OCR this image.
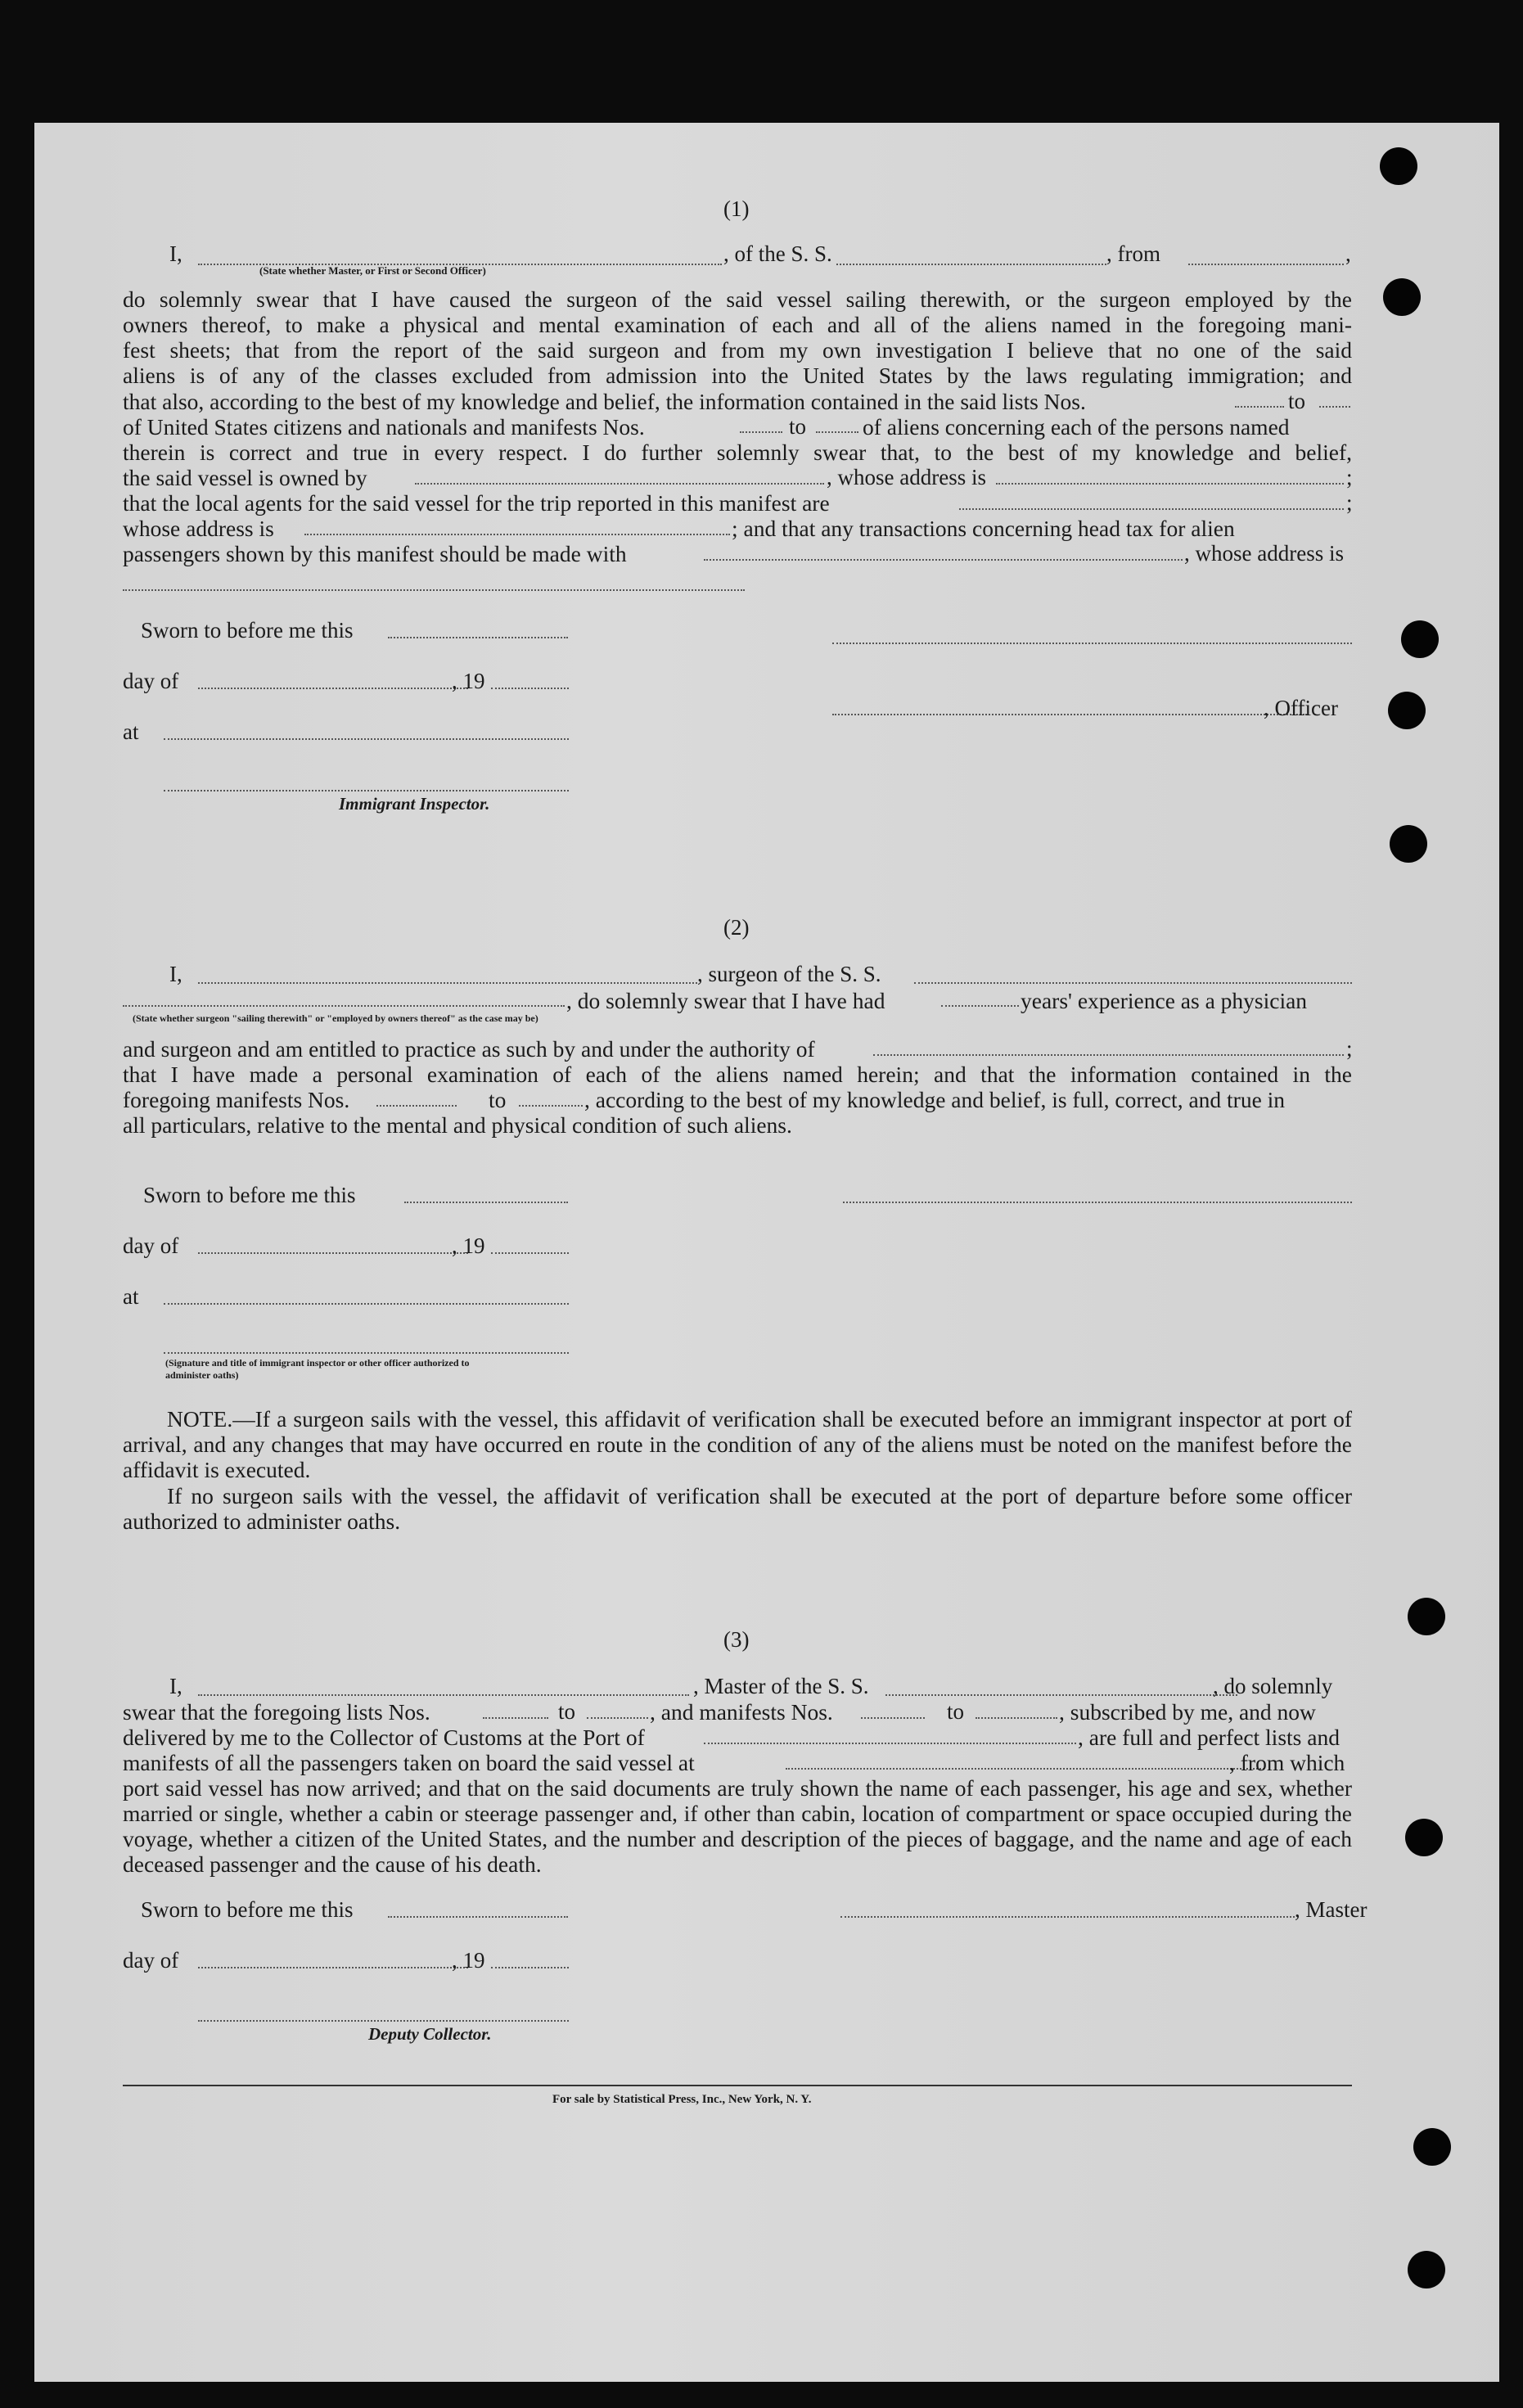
(1)
I,	, of the S. S.	, from	,
(State whether Master, or First or Second Officer)
do solemnly swear that I have caused the surgeon of the said vessel sailing therewith, or the surgeon employed by the
owners thereof, to make a physical and mental examination of each and all of the aliens named in the foregoing mani-
fest sheets; that from the report of the said surgeon and from my own investigation I believe that no one of the said
aliens is of any of the classes excluded from admission into the United States by the laws regulating immigration; and
that also, according to the best of my knowledge and belief, the information contained in the said lists Nos.	to
of United States citizens and nationals and manifests Nos.	to	of aliens concerning each of the persons named
therein is correct and true in every respect. I do further solemnly swear that, to the best of my knowledge and belief,
the said vessel is owned by	, whose address is	;
that the local agents for the said vessel for the trip reported in this manifest are	;
whose address is	; and that any transactions concerning head tax for alien
passengers shown by this manifest should be made with	, whose address is
Sworn to before me this
day of	, 19
at
Immigrant Inspector.
, Officer
(2)
I,	, surgeon of the S. S.
, do solemnly swear that I have had	years' experience as a physician
(State whether surgeon "sailing therewith" or "employed by owners thereof" as the case may be)
and surgeon and am entitled to practice as such by and under the authority of	;
that I have made a personal examination of each of the aliens named herein; and that the information contained in the
foregoing manifests Nos.	to	, according to the best of my knowledge and belief, is full, correct, and true in
all particulars, relative to the mental and physical condition of such aliens.
Sworn to before me this
day of	, 19
at
(Signature and title of immigrant inspector or other officer authorized to administer oaths)
NOTE.—If a surgeon sails with the vessel, this affidavit of verification shall be executed before an immigrant inspector at port of arrival, and any changes that may have occurred en route in the condition of any of the aliens must be noted on the manifest before the affidavit is executed.
If no surgeon sails with the vessel, the affidavit of verification shall be executed at the port of departure before some officer authorized to administer oaths.
(3)
I,	, Master of the S. S.	, do solemnly
swear that the foregoing lists Nos.	to	, and manifests Nos.	to	, subscribed by me, and now
delivered by me to the Collector of Customs at the Port of	, are full and perfect lists and
manifests of all the passengers taken on board the said vessel at	, from which
port said vessel has now arrived; and that on the said documents are truly shown the name of each passenger, his age and sex, whether married or single, whether a cabin or steerage passenger and, if other than cabin, location of compartment or space occupied during the voyage, whether a citizen of the United States, and the number and description of the pieces of baggage, and the name and age of each deceased passenger and the cause of his death.
Sworn to before me this	, Master
day of	, 19
Deputy Collector.
For sale by Statistical Press, Inc., New York, N. Y.
